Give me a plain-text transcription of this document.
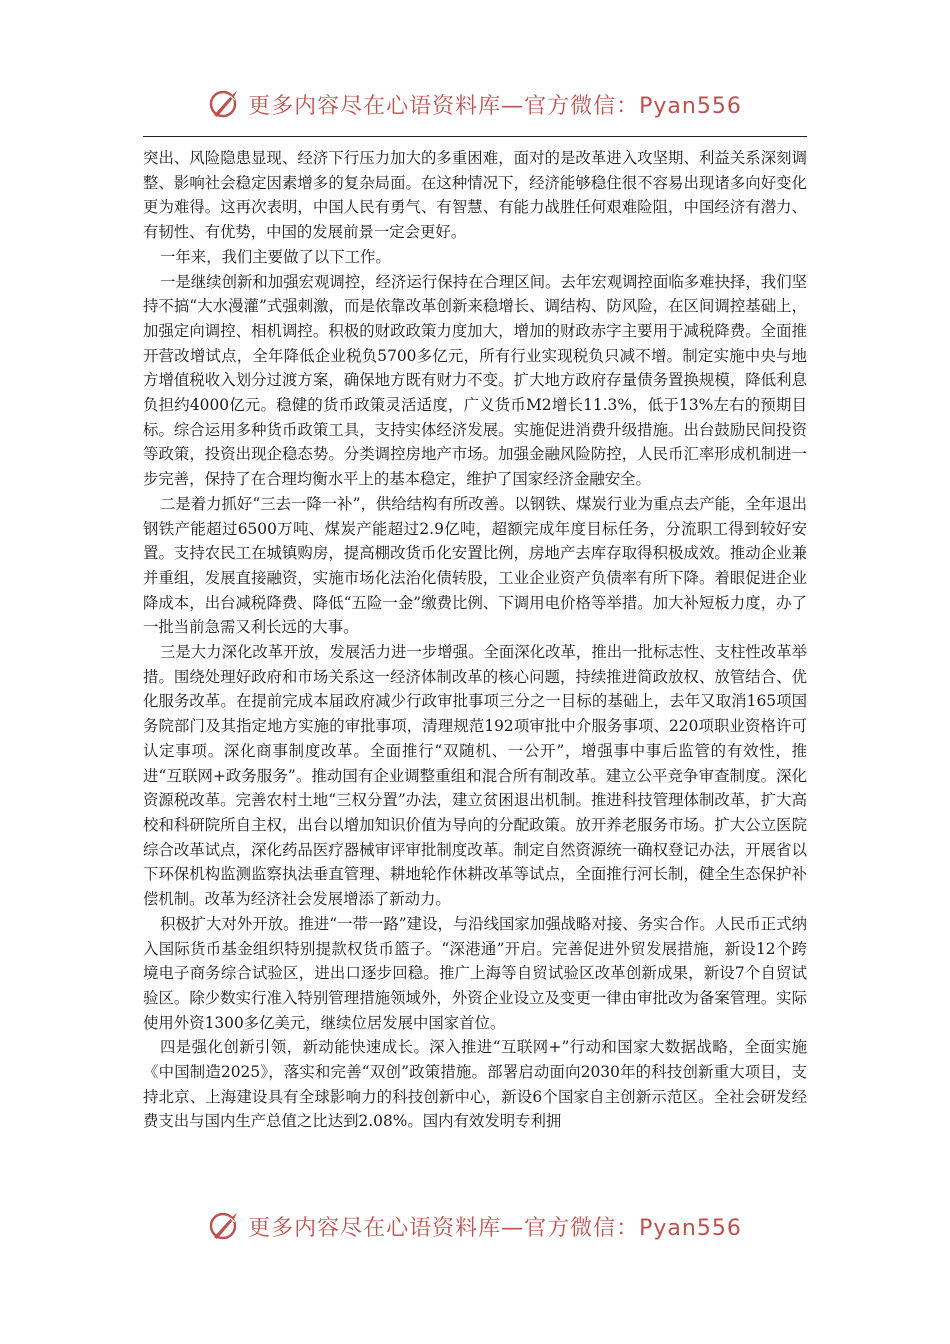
更多内容尽在心语资料库—官方微信：Pyan556

突出、风险隐患显现、经济下行压力加大的多重困难，面对的是改革进入攻坚期、利益关系深刻调整、影响社会稳定因素增多的复杂局面。在这种情况下，经济能够稳住很不容易出现诸多向好变化更为难得。这再次表明，中国人民有勇气、有智慧、有能力战胜任何艰难险阻，中国经济有潜力、有韧性、有优势，中国的发展前景一定会更好。

一年来，我们主要做了以下工作。

一是继续创新和加强宏观调控，经济运行保持在合理区间。去年宏观调控面临多难抉择，我们坚持不搞“大水漫灌”式强刺激，而是依靠改革创新来稳增长、调结构、防风险，在区间调控基础上，加强定向调控、相机调控。积极的财政政策力度加大，增加的财政赤字主要用于减税降费。全面推开营改增试点，全年降低企业税负5700多亿元，所有行业实现税负只减不增。制定实施中央与地方增值税收入划分过渡方案，确保地方既有财力不变。扩大地方政府存量债务置换规模，降低利息负担约4000亿元。稳健的货币政策灵活适度，广义货币M2增长11.3%，低于13%左右的预期目标。综合运用多种货币政策工具，支持实体经济发展。实施促进消费升级措施。出台鼓励民间投资等政策，投资出现企稳态势。分类调控房地产市场。加强金融风险防控，人民币汇率形成机制进一步完善，保持了在合理均衡水平上的基本稳定，维护了国家经济金融安全。

二是着力抓好“三去一降一补”，供给结构有所改善。以钢铁、煤炭行业为重点去产能，全年退出钢铁产能超过6500万吨、煤炭产能超过2.9亿吨，超额完成年度目标任务，分流职工得到较好安置。支持农民工在城镇购房，提高棚改货币化安置比例，房地产去库存取得积极成效。推动企业兼并重组，发展直接融资，实施市场化法治化债转股，工业企业资产负债率有所下降。着眼促进企业降成本，出台减税降费、降低“五险一金”缴费比例、下调用电价格等举措。加大补短板力度，办了一批当前急需又利长远的大事。

三是大力深化改革开放，发展活力进一步增强。全面深化改革，推出一批标志性、支柱性改革举措。围绕处理好政府和市场关系这一经济体制改革的核心问题，持续推进简政放权、放管结合、优化服务改革。在提前完成本届政府减少行政审批事项三分之一目标的基础上，去年又取消165项国务院部门及其指定地方实施的审批事项，清理规范192项审批中介服务事项、220项职业资格许可认定事项。深化商事制度改革。全面推行“双随机、一公开”，增强事中事后监管的有效性，推进“互联网+政务服务”。推动国有企业调整重组和混合所有制改革。建立公平竞争审查制度。深化资源税改革。完善农村土地“三权分置”办法，建立贫困退出机制。推进科技管理体制改革，扩大高校和科研院所自主权，出台以增加知识价值为导向的分配政策。放开养老服务市场。扩大公立医院综合改革试点，深化药品医疗器械审评审批制度改革。制定自然资源统一确权登记办法，开展省以下环保机构监测监察执法垂直管理、耕地轮作休耕改革等试点，全面推行河长制，健全生态保护补偿机制。改革为经济社会发展增添了新动力。

积极扩大对外开放。推进“一带一路”建设，与沿线国家加强战略对接、务实合作。人民币正式纳入国际货币基金组织特别提款权货币篮子。“深港通”开启。完善促进外贸发展措施，新设12个跨境电子商务综合试验区，进出口逐步回稳。推广上海等自贸试验区改革创新成果，新设7个自贸试验区。除少数实行准入特别管理措施领域外，外资企业设立及变更一律由审批改为备案管理。实际使用外资1300多亿美元，继续位居发展中国家首位。

四是强化创新引领，新动能快速成长。深入推进“互联网+”行动和国家大数据战略，全面实施《中国制造2025》，落实和完善“双创”政策措施。部署启动面向2030年的科技创新重大项目，支持北京、上海建设具有全球影响力的科技创新中心，新设6个国家自主创新示范区。全社会研发经费支出与国内生产总值之比达到2.08%。国内有效发明专利拥

更多内容尽在心语资料库—官方微信：Pyan556
